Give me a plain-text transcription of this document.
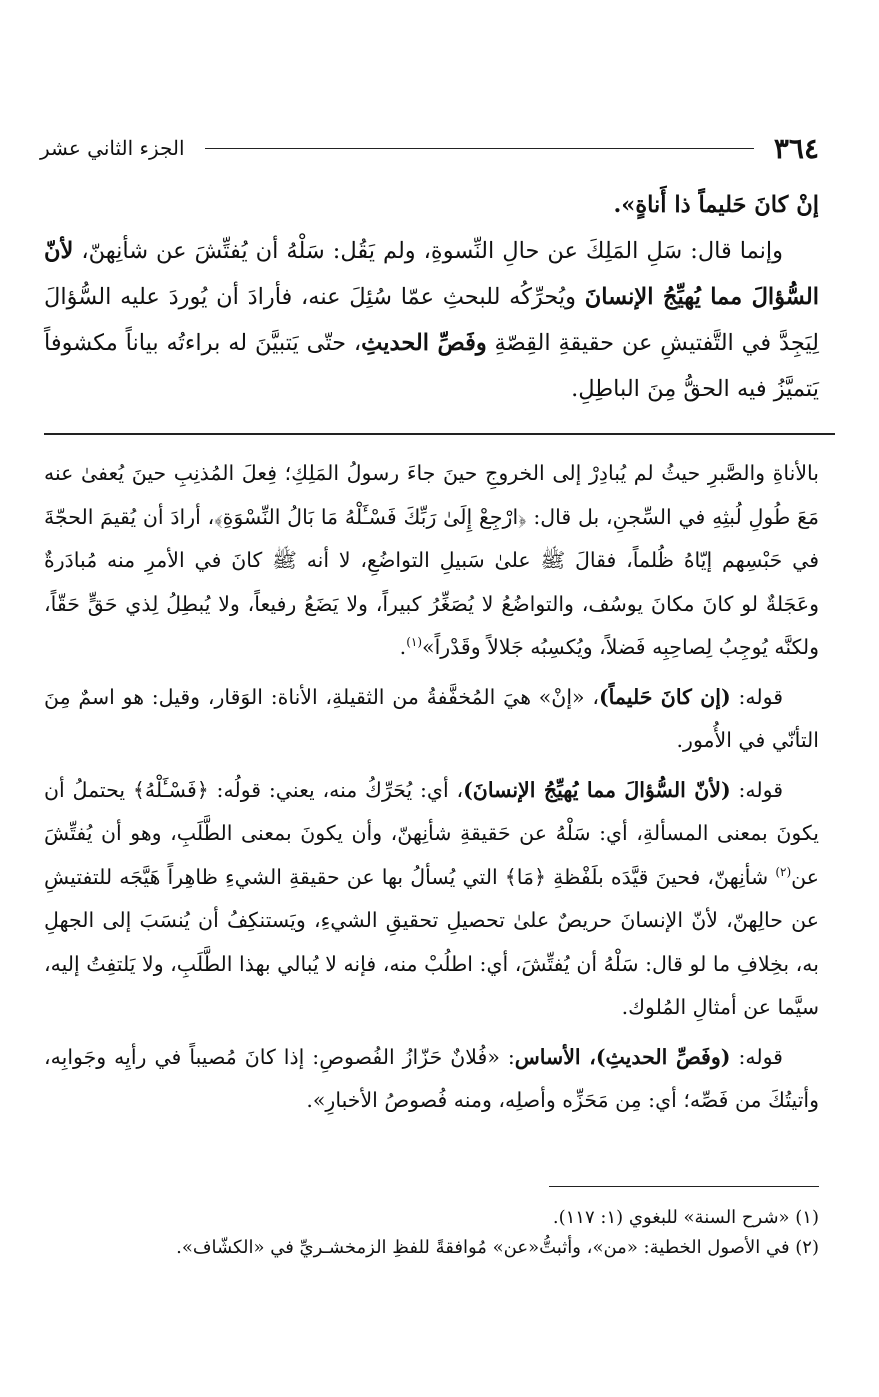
٣٦٤
الجزء الثاني عشر
إنْ كانَ حَليماً ذا أَناةٍ».
وإنما قال: سَلِ المَلِكَ عن حالِ النِّسوةِ، ولم يَقُل: سَلْهُ أن يُفتِّشَ عن شأنِهنّ، لأنّ السُّؤالَ مما يُهيِّجُ الإنسانَ ويُحرِّكُه للبحثِ عمّا سُئِلَ عنه، فأرادَ أن يُوردَ عليه السُّؤالَ لِيَجِدَّ في التَّفتيشِ عن حقيقةِ القِصّةِ وفَصِّ الحديثِ، حتّى يَتبيَّنَ له براءتُه بياناً مكشوفاً يَتميَّزُ فيه الحقُّ مِنَ الباطِلِ.
بالأناةِ والصَّبرِ حيثُ لم يُبادِرْ إلى الخروجِ حينَ جاءَ رسولُ المَلِكِ؛ فِعلَ المُذنِبِ حينَ يُعفىٰ عنه مَعَ طُولِ لُبثِهِ في السِّجنِ، بل قال: ﴿ارْجِعْ إِلَىٰ رَبِّكَ فَسْـَٔلْهُ مَا بَالُ النِّسْوَةِ﴾، أرادَ أن يُقيمَ الحجّةَ في حَبْسِهم إيّاهُ ظُلماً، فقالَ ﷺ علىٰ سَبيلِ التواضُعِ، لا أنه ﷺ كانَ في الأمرِ منه مُبادَرةٌ وعَجَلةٌ لو كانَ مكانَ يوسُف، والتواضُعُ لا يُصَغِّرُ كبيراً، ولا يَضَعُ رفيعاً، ولا يُبطِلُ لِذي حَقٍّ حَقّاً، ولكنَّه يُوجِبُ لِصاحِبِه فَضلاً، ويُكسِبُه جَلالاً وقَدْراً»$^{(١)}$.
قوله: (إن كانَ حَليماً)، «إنْ» هيَ المُخفَّفةُ من الثقيلةِ، الأناة: الوَقار، وقيل: هو اسمٌ مِنَ التأنّي في الأُمور.
قوله: (لأنّ السُّؤالَ مما يُهيِّجُ الإنسانَ)، أي: يُحَرِّكُ منه، يعني: قولُه: ﴿فَسْـَٔلْهُ﴾ يحتملُ أن يكونَ بمعنى المسألةِ، أي: سَلْهُ عن حَقيقةِ شأنِهنّ، وأن يكونَ بمعنى الطَّلَبِ، وهو أن يُفتِّشَ عن$^{(٢)}$ شأنِهنّ، فحينَ قيَّدَه بلَفْظةِ ﴿مَا﴾ التي يُسألُ بها عن حقيقةِ الشيءِ ظاهِراً هَيَّجَه للتفتيشِ عن حالِهنّ، لأنّ الإنسانَ حريصٌ علىٰ تحصيلِ تحقيقِ الشيءِ، ويَستنكِفُ أن يُنسَبَ إلى الجهلِ به، بخِلافِ ما لو قال: سَلْهُ أن يُفتِّشَ، أي: اطلُبْ منه، فإنه لا يُبالي بهذا الطَّلَبِ، ولا يَلتفِتُ إليه، سيَّما عن أمثالِ المُلوك.
قوله: (وفَصِّ الحديثِ)، الأساس: «فُلانٌ حَزّازُ الفُصوصِ: إذا كانَ مُصيباً في رأيِه وجَوابِه، وأتيتُكَ من فَصِّه؛ أي: مِن مَحَزِّه وأصلِه، ومنه فُصوصُ الأخبارِ».
(١) «شرح السنة» للبغوي (١: ١١٧).
(٢) في الأصول الخطية: «من»، وأثبتُّ«عن» مُوافقةً للفظِ الزمخشـريِّ في «الكشّاف».
